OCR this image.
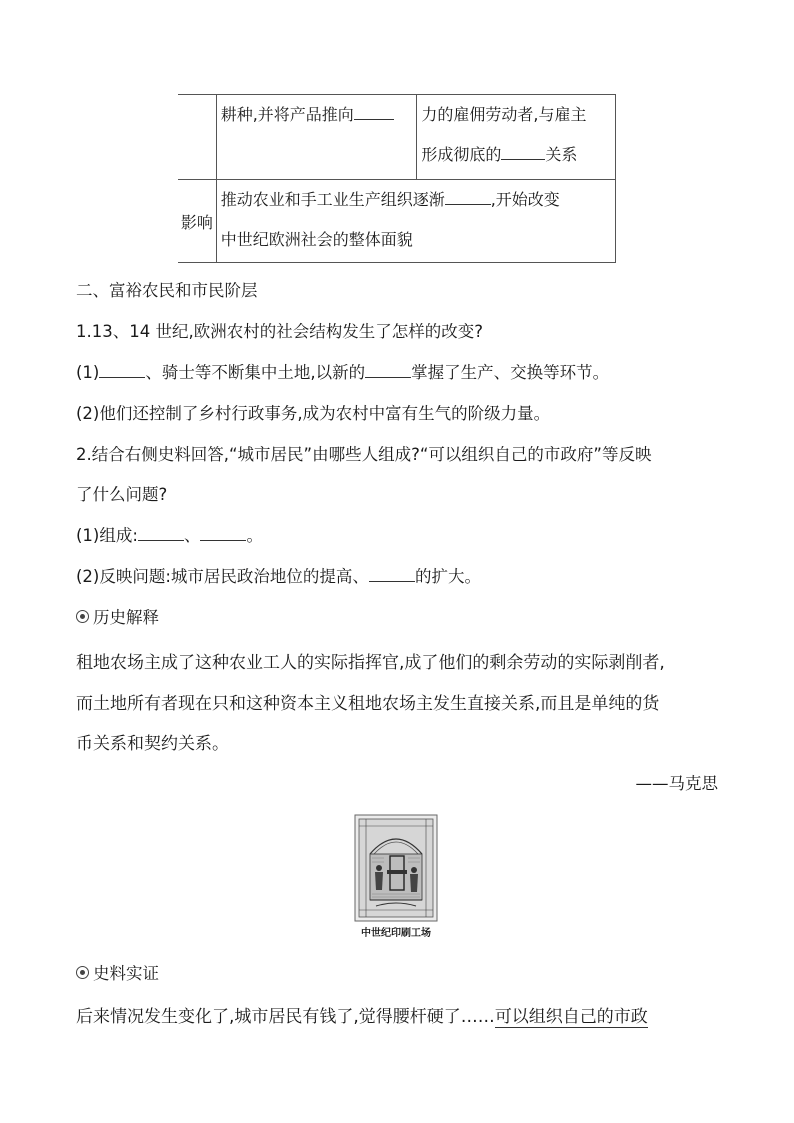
	耕种,并将产品推向	力的雇佣劳动者,与雇主
形成彻底的 关系

影响	推动农业和手工业生产组织逐渐 ,开始改变
中世纪欧洲社会的整体面貌	
二、富裕农民和市民阶层
1.13、14 世纪,欧洲农村的社会结构发生了怎样的改变?
(1)	、骑士等不断集中土地,以新的	掌握了生产、交换等环节。
(2)他们还控制了乡村行政事务,成为农村中富有生气的阶级力量。
2.结合右侧史料回答,“城市居民”由哪些人组成?“可以组织自己的市政府”等反映
了什么问题?
(1)组成:	、	。
(2)反映问题:城市居民政治地位的提高、	的扩大。
历史解释
租地农场主成了这种农业工人的实际指挥官,成了他们的剩余劳动的实际剥削者,
而土地所有者现在只和这种资本主义租地农场主发生直接关系,而且是单纯的货
币关系和契约关系。
——马克思
中世纪印刷工场
史料实证
后来情况发生变化了,城市居民有钱了,觉得腰杆硬了……可以组织自己的市政
